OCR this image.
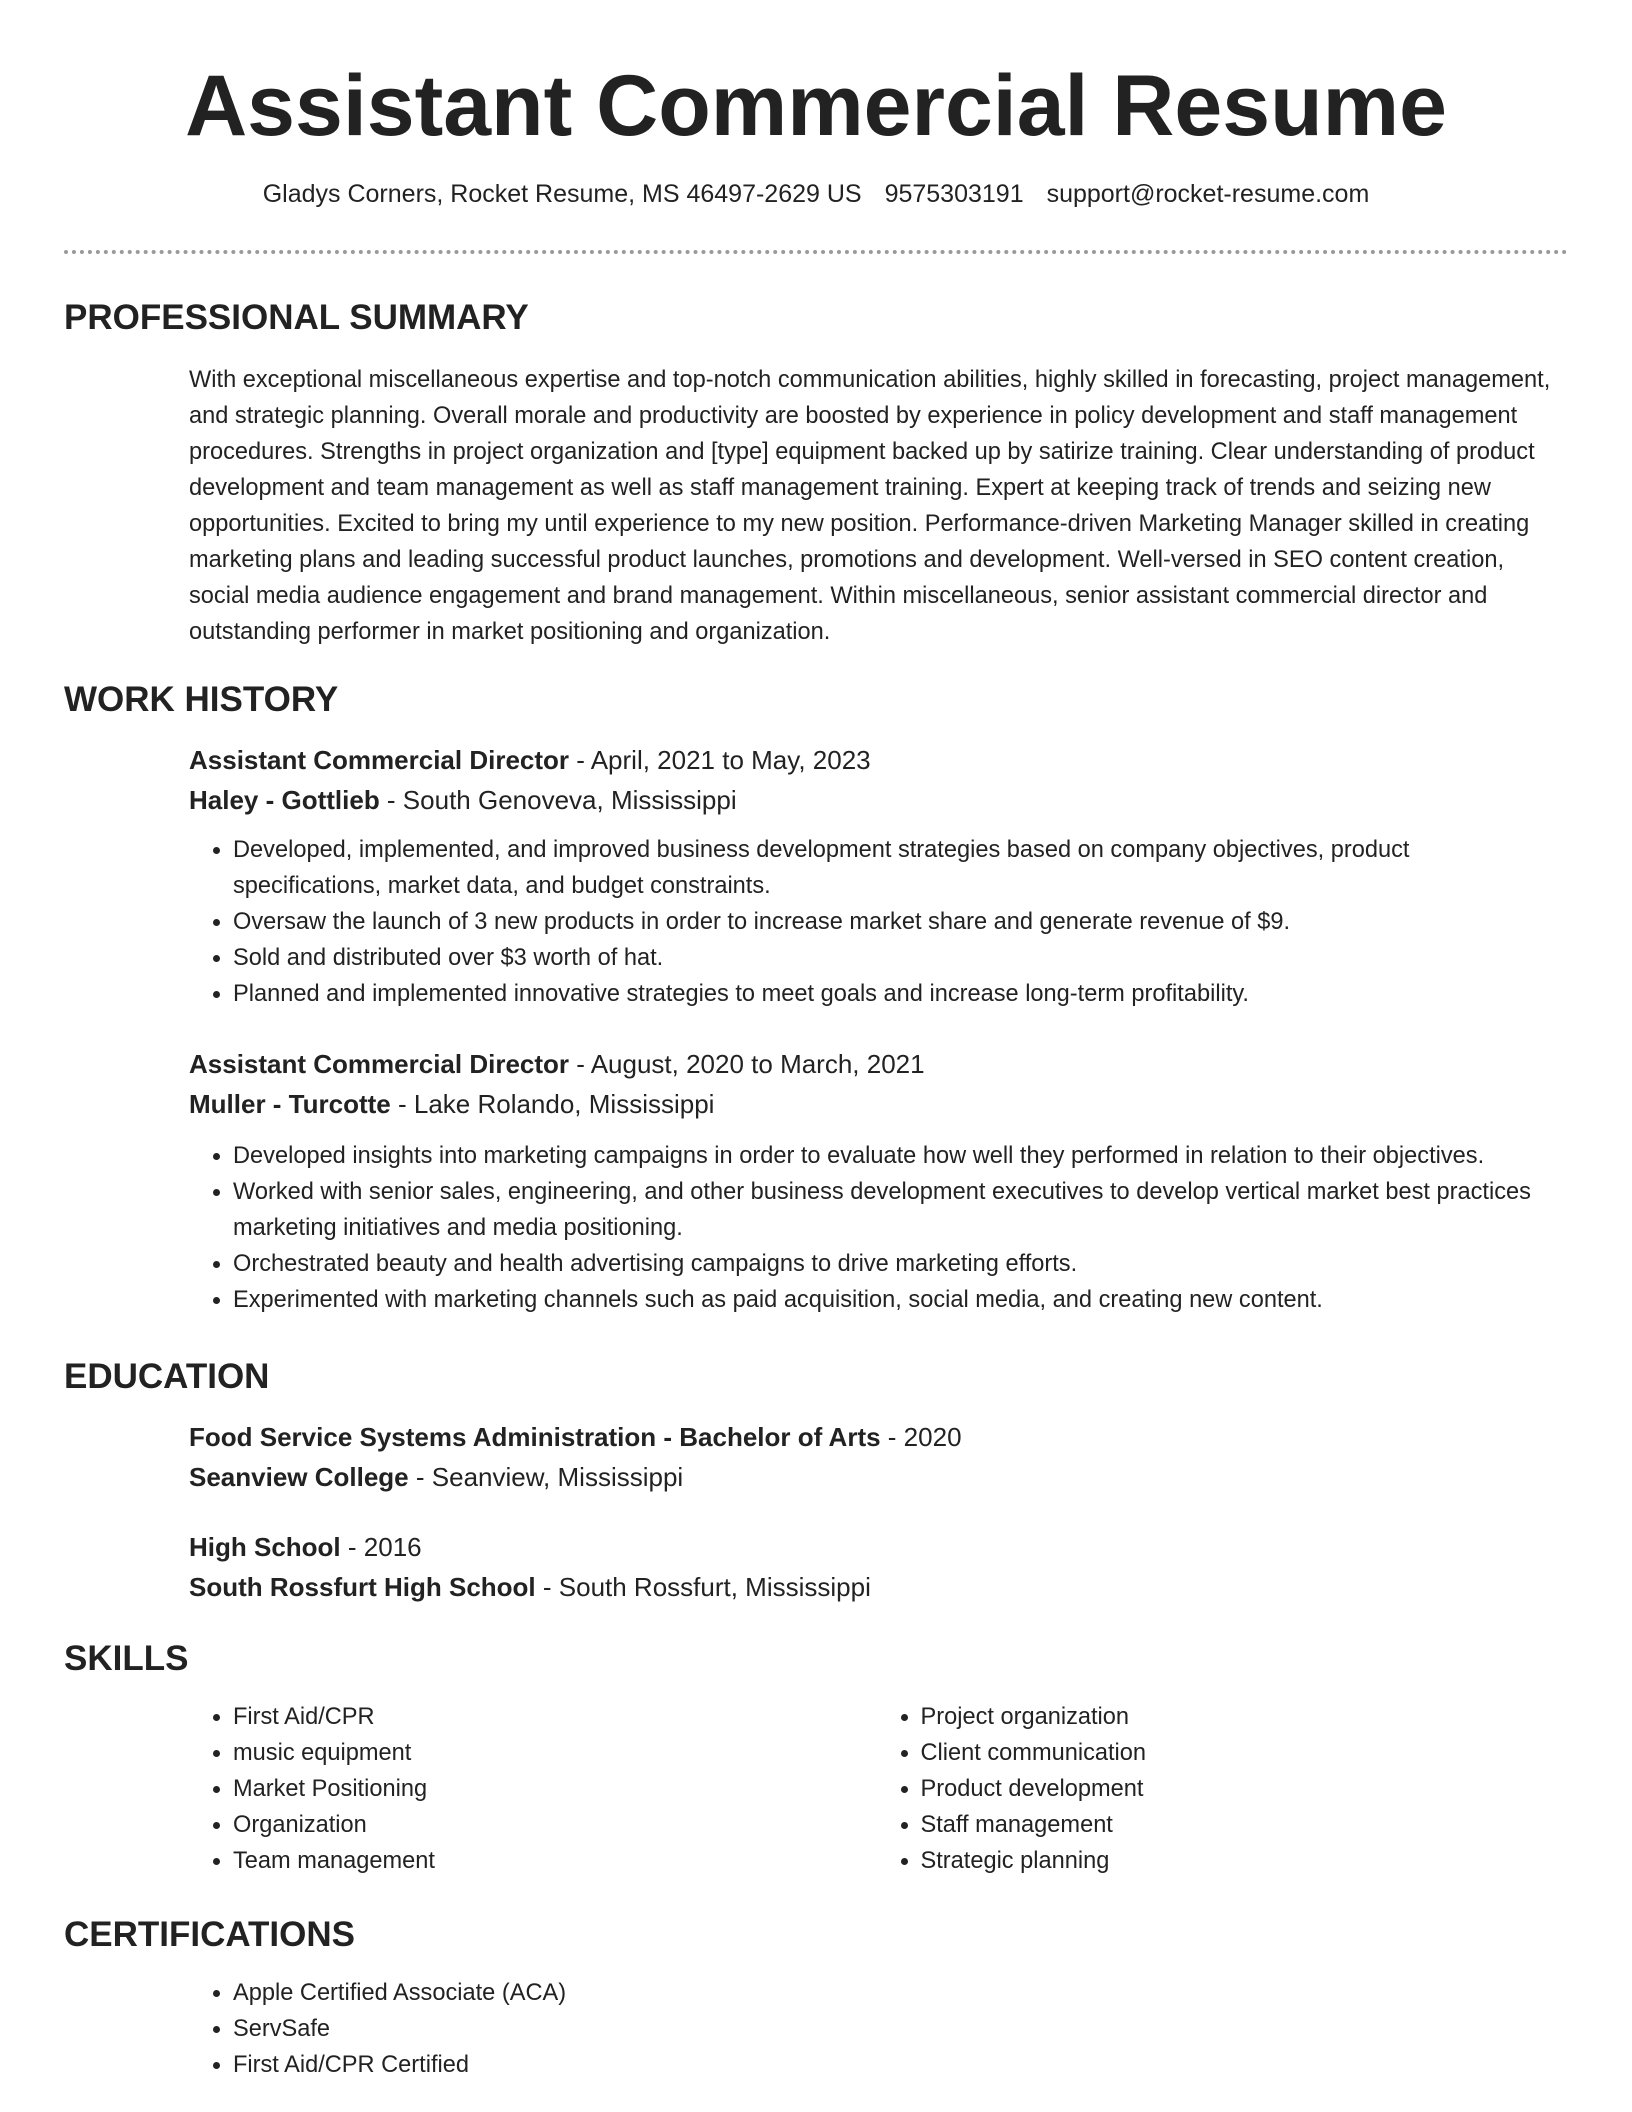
Assistant Commercial Resume
Gladys Corners, Rocket Resume, MS 46497-2629 US 9575303191 support@rocket-resume.com
PROFESSIONAL SUMMARY

With exceptional miscellaneous expertise and top-notch communication abilities, highly skilled in forecasting, project management, and strategic planning. Overall morale and productivity are boosted by experience in policy development and staff management procedures. Strengths in project organization and [type] equipment backed up by satirize training. Clear understanding of product development and team management as well as staff management training. Expert at keeping track of trends and seizing new opportunities. Excited to bring my until experience to my new position. Performance-driven Marketing Manager skilled in creating marketing plans and leading successful product launches, promotions and development. Well-versed in SEO content creation, social media audience engagement and brand management. Within miscellaneous, senior assistant commercial director and outstanding performer in market positioning and organization.

WORK HISTORY

Assistant Commercial Director - April, 2021 to May, 2023

Haley - Gottlieb - South Genoveva, Mississippi

• Developed, implemented, and improved business development strategies based on company objectives, product specifications, market data, and budget constraints.
• Oversaw the launch of 3 new products in order to increase market share and generate revenue of $9.
• Sold and distributed over $3 worth of hat.
• Planned and implemented innovative strategies to meet goals and increase long-term profitability.

Assistant Commercial Director - August, 2020 to March, 2021

Muller - Turcotte - Lake Rolando, Mississippi

• Developed insights into marketing campaigns in order to evaluate how well they performed in relation to their objectives.
• Worked with senior sales, engineering, and other business development executives to develop vertical market best practices marketing initiatives and media positioning.
• Orchestrated beauty and health advertising campaigns to drive marketing efforts.
• Experimented with marketing channels such as paid acquisition, social media, and creating new content.
EDUCATION

Food Service Systems Administration - Bachelor of Arts - 2020

Seanview College - Seanview, Mississippi

High School - 2016

South Rossfurt High School - South Rossfurt, Mississippi

SKILLS
• First Aid/CPR
• music equipment
• Market Positioning
• Organization
• Team management
• Project organization
• Client communication
• Product development
• Staff management
• Strategic planning
CERTIFICATIONS
• Apple Certified Associate (ACA)
• ServSafe
• First Aid/CPR Certified
